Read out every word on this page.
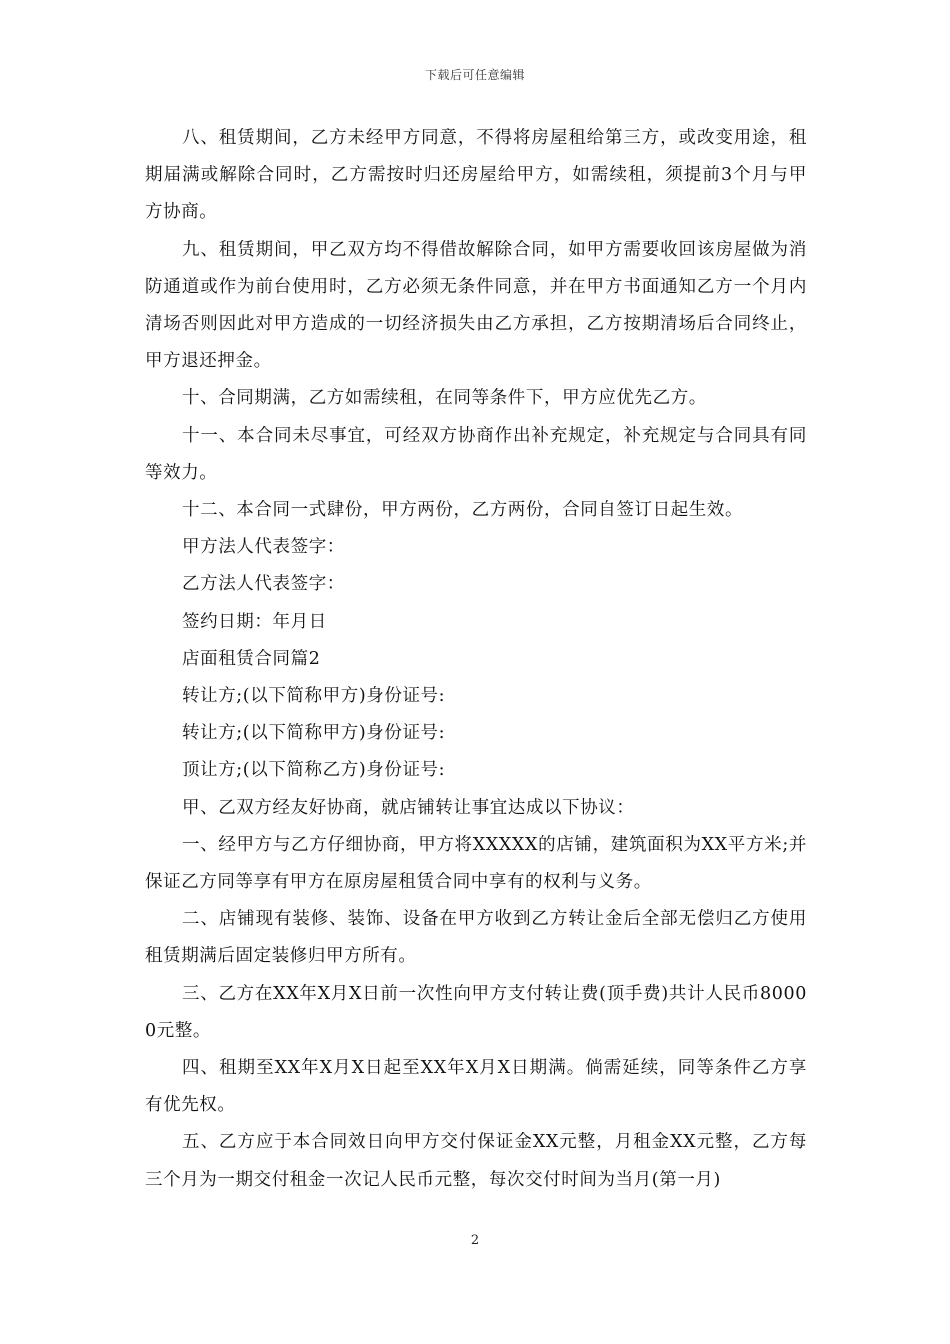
下载后可任意编辑

八、租赁期间，乙方未经甲方同意，不得将房屋租给第三方，或改变用途，租期届满或解除合同时，乙方需按时归还房屋给甲方，如需续租，须提前3个月与甲方协商。

九、租赁期间，甲乙双方均不得借故解除合同，如甲方需要收回该房屋做为消防通道或作为前台使用时，乙方必须无条件同意，并在甲方书面通知乙方一个月内清场否则因此对甲方造成的一切经济损失由乙方承担，乙方按期清场后合同终止，甲方退还押金。

十、合同期满，乙方如需续租，在同等条件下，甲方应优先乙方。

十一、本合同未尽事宜，可经双方协商作出补充规定，补充规定与合同具有同等效力。

十二、本合同一式肆份，甲方两份，乙方两份，合同自签订日起生效。

甲方法人代表签字：

乙方法人代表签字：

签约日期：年月日

店面租赁合同篇2

转让方;(以下简称甲方)身份证号:

转让方;(以下简称甲方)身份证号:

顶让方;(以下简称乙方)身份证号:

甲、乙双方经友好协商，就店铺转让事宜达成以下协议：

一、经甲方与乙方仔细协商，甲方将XXXXX的店铺，建筑面积为XX平方米;并保证乙方同等享有甲方在原房屋租赁合同中享有的权利与义务。

二、店铺现有装修、装饰、设备在甲方收到乙方转让金后全部无偿归乙方使用租赁期满后固定装修归甲方所有。

三、乙方在XX年X月X日前一次性向甲方支付转让费(顶手费)共计人民币80000元整。

四、租期至XX年X月X日起至XX年X月X日期满。倘需延续，同等条件乙方享有优先权。

五、乙方应于本合同效日向甲方交付保证金XX元整，月租金XX元整，乙方每三个月为一期交付租金一次记人民币元整，每次交付时间为当月(第一月)

2
